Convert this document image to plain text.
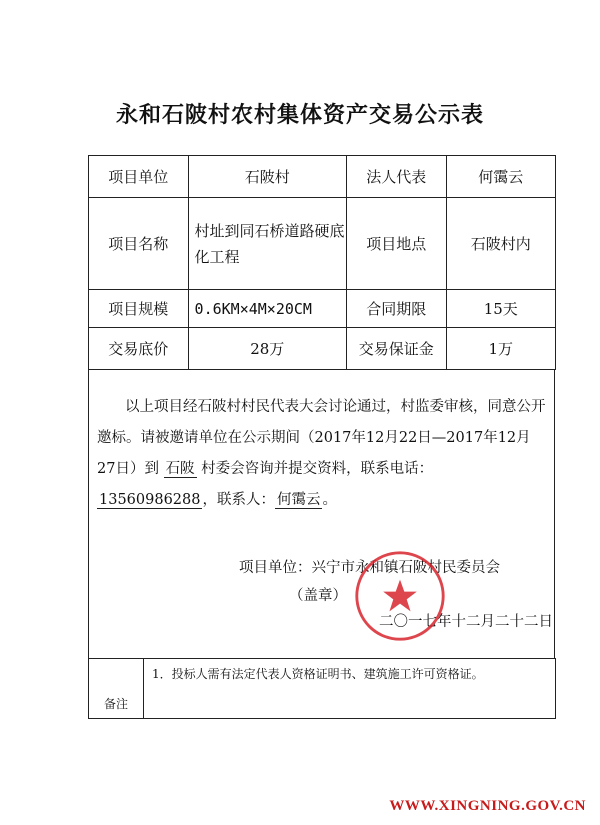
永和石陂村农村集体资产交易公示表
项目单位	石陂村	法人代表	何霭云
项目名称	村址到同石桥道路硬底化工程	项目地点	石陂村内
项目规模	0.6KM×4M×20CM	合同期限	15天
交易底价	28万	交易保证金	1万
以上项目经石陂村村民代表大会讨论通过，村监委审核，同意公开邀标。请被邀请单位在公示期间（2017年12月22日—2017年12月27日）到 石陂 村委会咨询并提交资料，联系电话：13560986288 ，联系人： 何霭云 。
项目单位：兴宁市永和镇石陂村民委员会
（盖章）
二〇一七年十二月二十二日
备注	1．投标人需有法定代表人资格证明书、建筑施工许可资格证。
WWW.XINGNING.GOV.CN
